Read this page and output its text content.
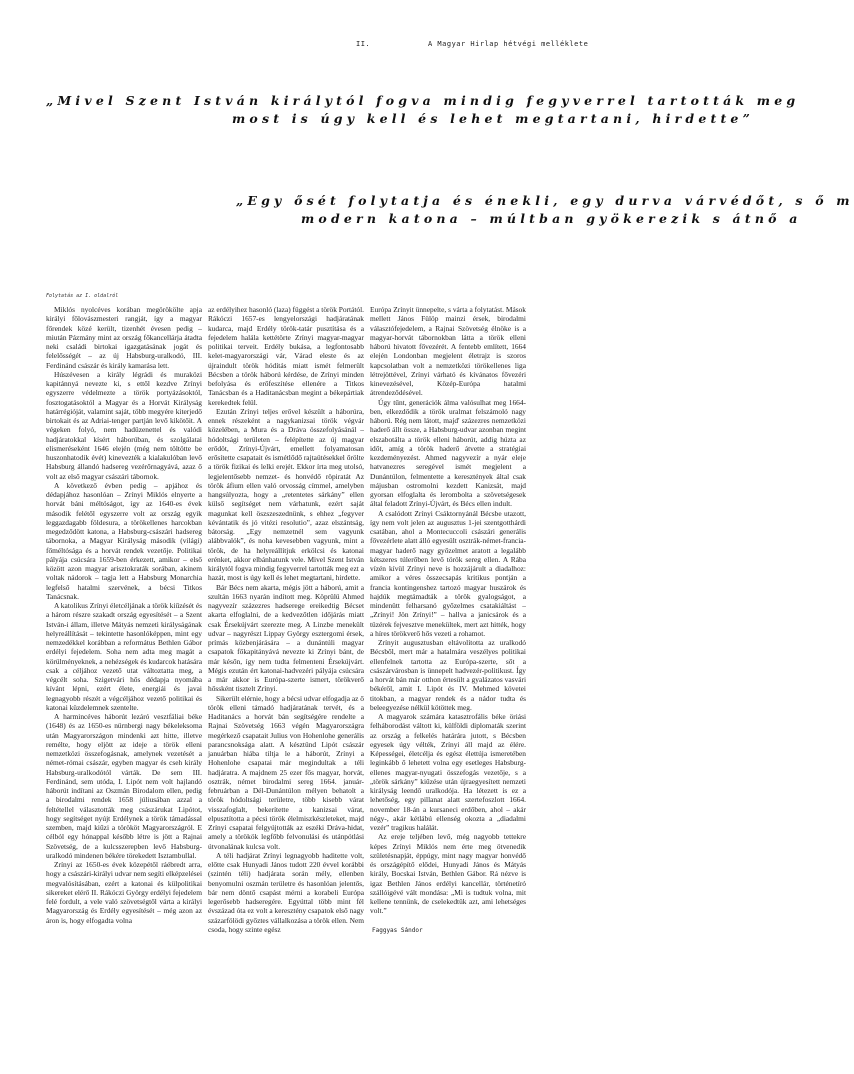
II.	A Magyar Hirlap hétvégi melléklete
„Mivel Szent István királytól fogva mindig fegyverrel tartották meg
most is úgy kell és lehet megtartani, hirdette”
„Egy ősét folytatja és énekli, egy durva várvédőt, s ő m
modern katona – múltban gyökerezik s átnő a
Folytatás az I. oldalról

Miklós nyolcéves korában megörökölte apja királyi főlovászmesteri rangját, így a magyar főrendek közé került, tizenhét évesen pedig – miután Pázmány mint az ország főkancellárja átadta neki családi birtokai igazgatásának jogát és felelősségét – az új Habsburg-uralkodó, III. Ferdinánd császár és király kamarása lett.

Húszévesen a király légrádi és muraközi kapitánnyá nevezte ki, s ettől kezdve Zrínyi egyszerre védelmezte a török portyázásoktól, fosztogatásoktól a Magyar és a Horvát Királyság határrégióját, valamint saját, több megyére kiterjedő birtokait és az Adriai-tenger partján levő kikötőit. A végeken folyó, nem hadüzenettel és valódi hadjáratokkal kísért háborúban, és szolgálatai elismeréseként 1646 elején (még nem töltötte be huszonhatodik évét) kinevezték a kialakulóban levő Habsburg állandó hadsereg vezérőrnagyává, azaz ő volt az első magyar császári tábornok.

A következő évben pedig – apjához és dédapjához hasonlóan – Zrínyi Miklós elnyerte a horvát báni méltóságot, így az 1640-es évek második felétől egyszerre volt az ország egyik leggazdagabb földesura, a törökellenes harcokban megedződött katona, a Habsburg-császári hadsereg tábornoka, a Magyar Királyság második (világi) főméltósága és a horvát rendek vezetője. Politikai pályája csúcsára 1659-ben érkezett, amikor – első között azon magyar arisztokraták sorában, akinem voltak nádorok – tagja lett a Habsburg Monarchia legfelső hatalmi szervének, a bécsi Titkos Tanácsnak.

A katolikus Zrínyi életcéljának a török kiűzését és a három részre szakadt ország egyesítését – a Szent István-i állam, illetve Mátyás nemzeti királyságának helyreállítását – tekintette hasonlóképpen, mint egy nemzedékkel korábban a református Bethlen Gábor erdélyi fejedelem. Soha nem adta meg magát a körülményeknek, a nehézségek és kudarcok hatására csak a céljához vezető utat változtatta meg, a végcélt soha. Szigetvári hős dédapja nyomába kívánt lépni, ezért élete, energiái és javai legnagyobb részét a végcéljához vezető politikai és katonai küzdelemnek szentelte.

A harmincéves háborút lezáró vesztfáliai béke (1648) és az 1650-es nürnbergi nagy békeleksoma után Magyarországon mindenki azt hitte, illetve remélte, hogy eljött az ideje a török elleni nemzetközi összefogásnak, amelynek vezetését a német-római császár, egyben magyar és cseh király Habsburg-uralkodótól várták. De sem III. Ferdinánd, sem utóda, I. Lipót nem volt hajlandó háborút indítani az Oszmán Birodalom ellen, pedig a birodalmi rendek 1658 júliusában azzal a feltétellel választották meg császárukat Lipótot, hogy segítséget nyújt Erdélynek a török támadással szemben, majd kiűzi a törököt Magyarországról. E célból egy hónappal később létre is jött a Rajnai Szövetség, de a kulcsszerepben levő Habsburg-uralkodó mindenen békére törekedett Isztambullal.

Zrínyi az 1650-es évek közepétől ráébredt arra, hogy a császári-királyi udvar nem segíti elképzelései megvalósításában, ezért a katonai és külpolitikai sikereket elérő II. Rákóczi György erdélyi fejedelem felé fordult, a vele való szövetségtől várta a királyi Magyarország és Erdély egyesítését – még azon az áron is, hogy elfogadta volna

az erdélyihez hasonló (laza) függést a török Portától. Rákóczi 1657-es lengyelországi hadjáratának kudarca, majd Erdély török-tatár pusztítása és a fejedelem halála kettétörte Zrínyi magyar-magyar politikai terveit. Erdély bukása, a legfontosabb kelet-magyarországi vár, Várad eleste és az újraindult török hódítás miatt ismét felmerült Bécsben a török háború kérdése, de Zrínyi minden befolyása és erőfeszítése ellenére a Titkos Tanácsban és a Haditanácsban megint a békepártiak kerekedtek felül.

Ezután Zrínyi teljes erővel készült a háborúra, ennek részeként a nagykanizsai török végvár közelében, a Mura és a Dráva összefolyásánál – hódoltsági területen – felépítette az új magyar erődöt, Zrínyi-Újvárt, emellett folyamatosan erősítette csapatait és ismétlődő rajtaütésekkel őrölte a török fizikai és lelki erejét. Ekkor írta meg utolsó, legjelentősebb nemzet- és honvédő röpiratát Az török áfium ellen való orvosság címmel, amelyben hangsúlyozta, hogy a „retentetes sárkány” ellen külső segítséget nem várhatunk, ezért saját magunkat kell öszszeszednünk, s ehhez „fegyver kévántatik és jó vitézi resolutio”, azaz elszántság, bátorság. „Egy nemzetnél sem vagyunk alábbvalók”, és noha kevesebben vagyunk, mint a török, de ha helyreállítjuk erkölcsi és katonai erénket, akkor elbánhatunk vele. Mivel Szent István királytól fogva mindig fegyverrel tartották meg ezt a hazát, most is úgy kell és lehet megtartani, hirdette.

Bár Bécs nem akarta, mégis jött a háború, amit a szultán 1663 nyarán indított meg. Köprülü Ahmed nagyvezír százezres hadserege ereikedtig Bécset akarta elfoglalni, de a kedvezőtlen időjárás miatt csak Érsekújvárt szerezte meg. A Linzbe menekült udvar – nagyrészt Lippay György esztergomi érsek, prímás közbenjárására – a dunántúli magyar csapatok főkapitányává nevezte ki Zrínyi bánt, de már későn, így nem tudta felmenteni Érsekújvárt. Mégis ezután ért katonai-hadvezéri pályája csúcsára a már akkor is Európa-szerte ismert, törökverő hőssként tisztelt Zrínyi.

Sikerült elérnie, hogy a bécsi udvar elfogadja az ő török elleni támadó hadjáratának tervét, és a Haditanács a horvát bán segítségére rendelte a Rajnai Szövetség 1663 végén Magyarországra megérkező csapatait Julius von Hohenlohe generális parancsnoksága alatt. A késztünd Lipót császár januárban hiába tiltja le a háborút, Zrínyi a Hohenlohe csapatai már megindultak a téli hadjáratra. A majdnem 25 ezer fős magyar, horvát, osztrák, német birodalmi sereg 1664. január-februárban a Dél-Dunántúlon mélyen behatolt a török hódoltsági területre, több kisebb várat visszafoglalt, bekerítette a kanizsai várat, elpusztította a pécsi török élelmiszkészleteket, majd Zrínyi csapatai felgyújtották az eszéki Dráva-hidat, amely a törökök legfőbb felvonulási és utánpótlási útvonalának kulcsa volt.

A téli hadjárat Zrínyi legnagyobb haditette volt, előtte csak Hunyadi János tudott 220 évvel korábbi (szintén téli) hadjárata során mély, ellenben benyomulni oszmán területre és hasonlóan jelentős, bár nem döntő csapást mérni a korabeli Európa legerősebb hadseregére. Egyúttal több mint fél évszázad óta ez volt a keresztény csapatok első nagy százarfölödi győztes vállalkozása a török ellen. Nem csoda, hogy szinte egész

Európa Zrínyit ünnepelte, s várta a folytatást. Mások mellett János Fülöp mainzi érsek, birodalmi választófejedelem, a Rajnai Szövetség élnöke is a magyar-horvát tábornokban látta a török elleni háború hivatott főve​zérét. A fentebb említett, 1664 elején Londonban megjelent életrajz is szoros kapcsolatban volt a nemzetközi törökellenes liga létrejöttével, Zrínyi várható és kívánatos fővezéri kinevezésével, Közép-Európa hatalmi átrendeződésével.

Úgy tűnt, generációk álma valósulhat meg 1664-ben, elkezdődik a török uralmat felszámoló nagy háború. Rég nem látott, majd' százezres nemzetközi haderő állt össze, a Habsburg-udvar azonban megint elszabotálta a török elleni háborút, addig húzta az időt, amíg a török haderő átvette a stratégiai kezdeményezést. Ahmed nagyvezír a nyár eleje hatvanezres seregével ismét megjelent a Dunántúlon, felmentette a keresztények által csak májusban ostromolni kezdett Kanizsát, majd gyorsan elfoglalta és lerombolta a szövetségesek által feladott Zrínyi-Újvárt, és Bécs ellen indult.

A csalódott Zrínyi Csáktornyánál Bécsbe utazott, így nem volt jelen az augusztus 1-jei szentgotthárdi csatában, ahol a Montecuccoli császári generális fővezérlete alatt álló egyesült osztrák-német-francia-magyar haderő nagy győzelmet aratott a legalább kétszeres túlerőben levő török sereg ellen. A Rába vízén kívül Zrínyi neve is hozzájárult a diadalhoz: amikor a véres összecsapás kritikus pontján a francia kontingenshez tartozó magyar huszárok és hajdúk megtámadták a török gyalogságot, a mindenütt felharsanó győzelmes csatakiáltást – „Zrínyi! Jön Zrínyi!” – hallva a janicsárok és a tüzérek fejvesztve menekültek, mert azt hitték, hogy a híres törökverő hős vezeti a rohamot.

Zrínyit augusztusban eltávolította az uralkodó Bécsből, mert már a hatalmára veszélyes politikai ellenfelnek tartotta az Európa-szerte, sőt a császárvárosban is ünnepelt hadvezér-politikust. Így a horvát bán már otthon értesült a gyalázatos vasvári békéről, amit I. Lipót és IV. Mehmed követei titokban, a magyar rendek és a nádor tudta és beleegyezése nélkül kötöttek meg.

A magyarok számára katasztrofális béke öriási felháborodást váltott ki, külföldi diplomaták szerint az ország a felkelés határára jutott, s Bécsben egyesek úgy vélték, Zrínyi áll majd az élére. Képességei, életcélja és egész élettúja ismeretében leginkább ő lehetett volna egy esetleges Habsburg-ellenes magyar-nyugati összefogás vezetője, s a „török sárkány” kiűzése után újraegyesített nemzeti királyság leendő uralkodója. Ha létezett is ez a lehetőség, egy pillanat alatt szertefoszlott 1664. november 18-án a kursaneci erdőben, ahol – akár négy-, akár kétlábú ellenség okozta a „diadalmi vezér” tragikus halálát.

Az ereje teljében levő, még nagyobb tettekre képes Zrínyi Miklós nem érte meg ötvenedik születésnapját, éppúgy, mint nagy magyar honvédő és országépítő elődei, Hunyadi János és Mátyás király, Bocskai István, Bethlen Gábor. Rá nézve is igaz Bethlen János erdélyi kancellár, történetíró szállóigévé vált mondása: „Mi is tudtuk volna, mit kellene tennünk, de cselekedtük azt, ami lehetséges volt.”

Faggyas Sándor
